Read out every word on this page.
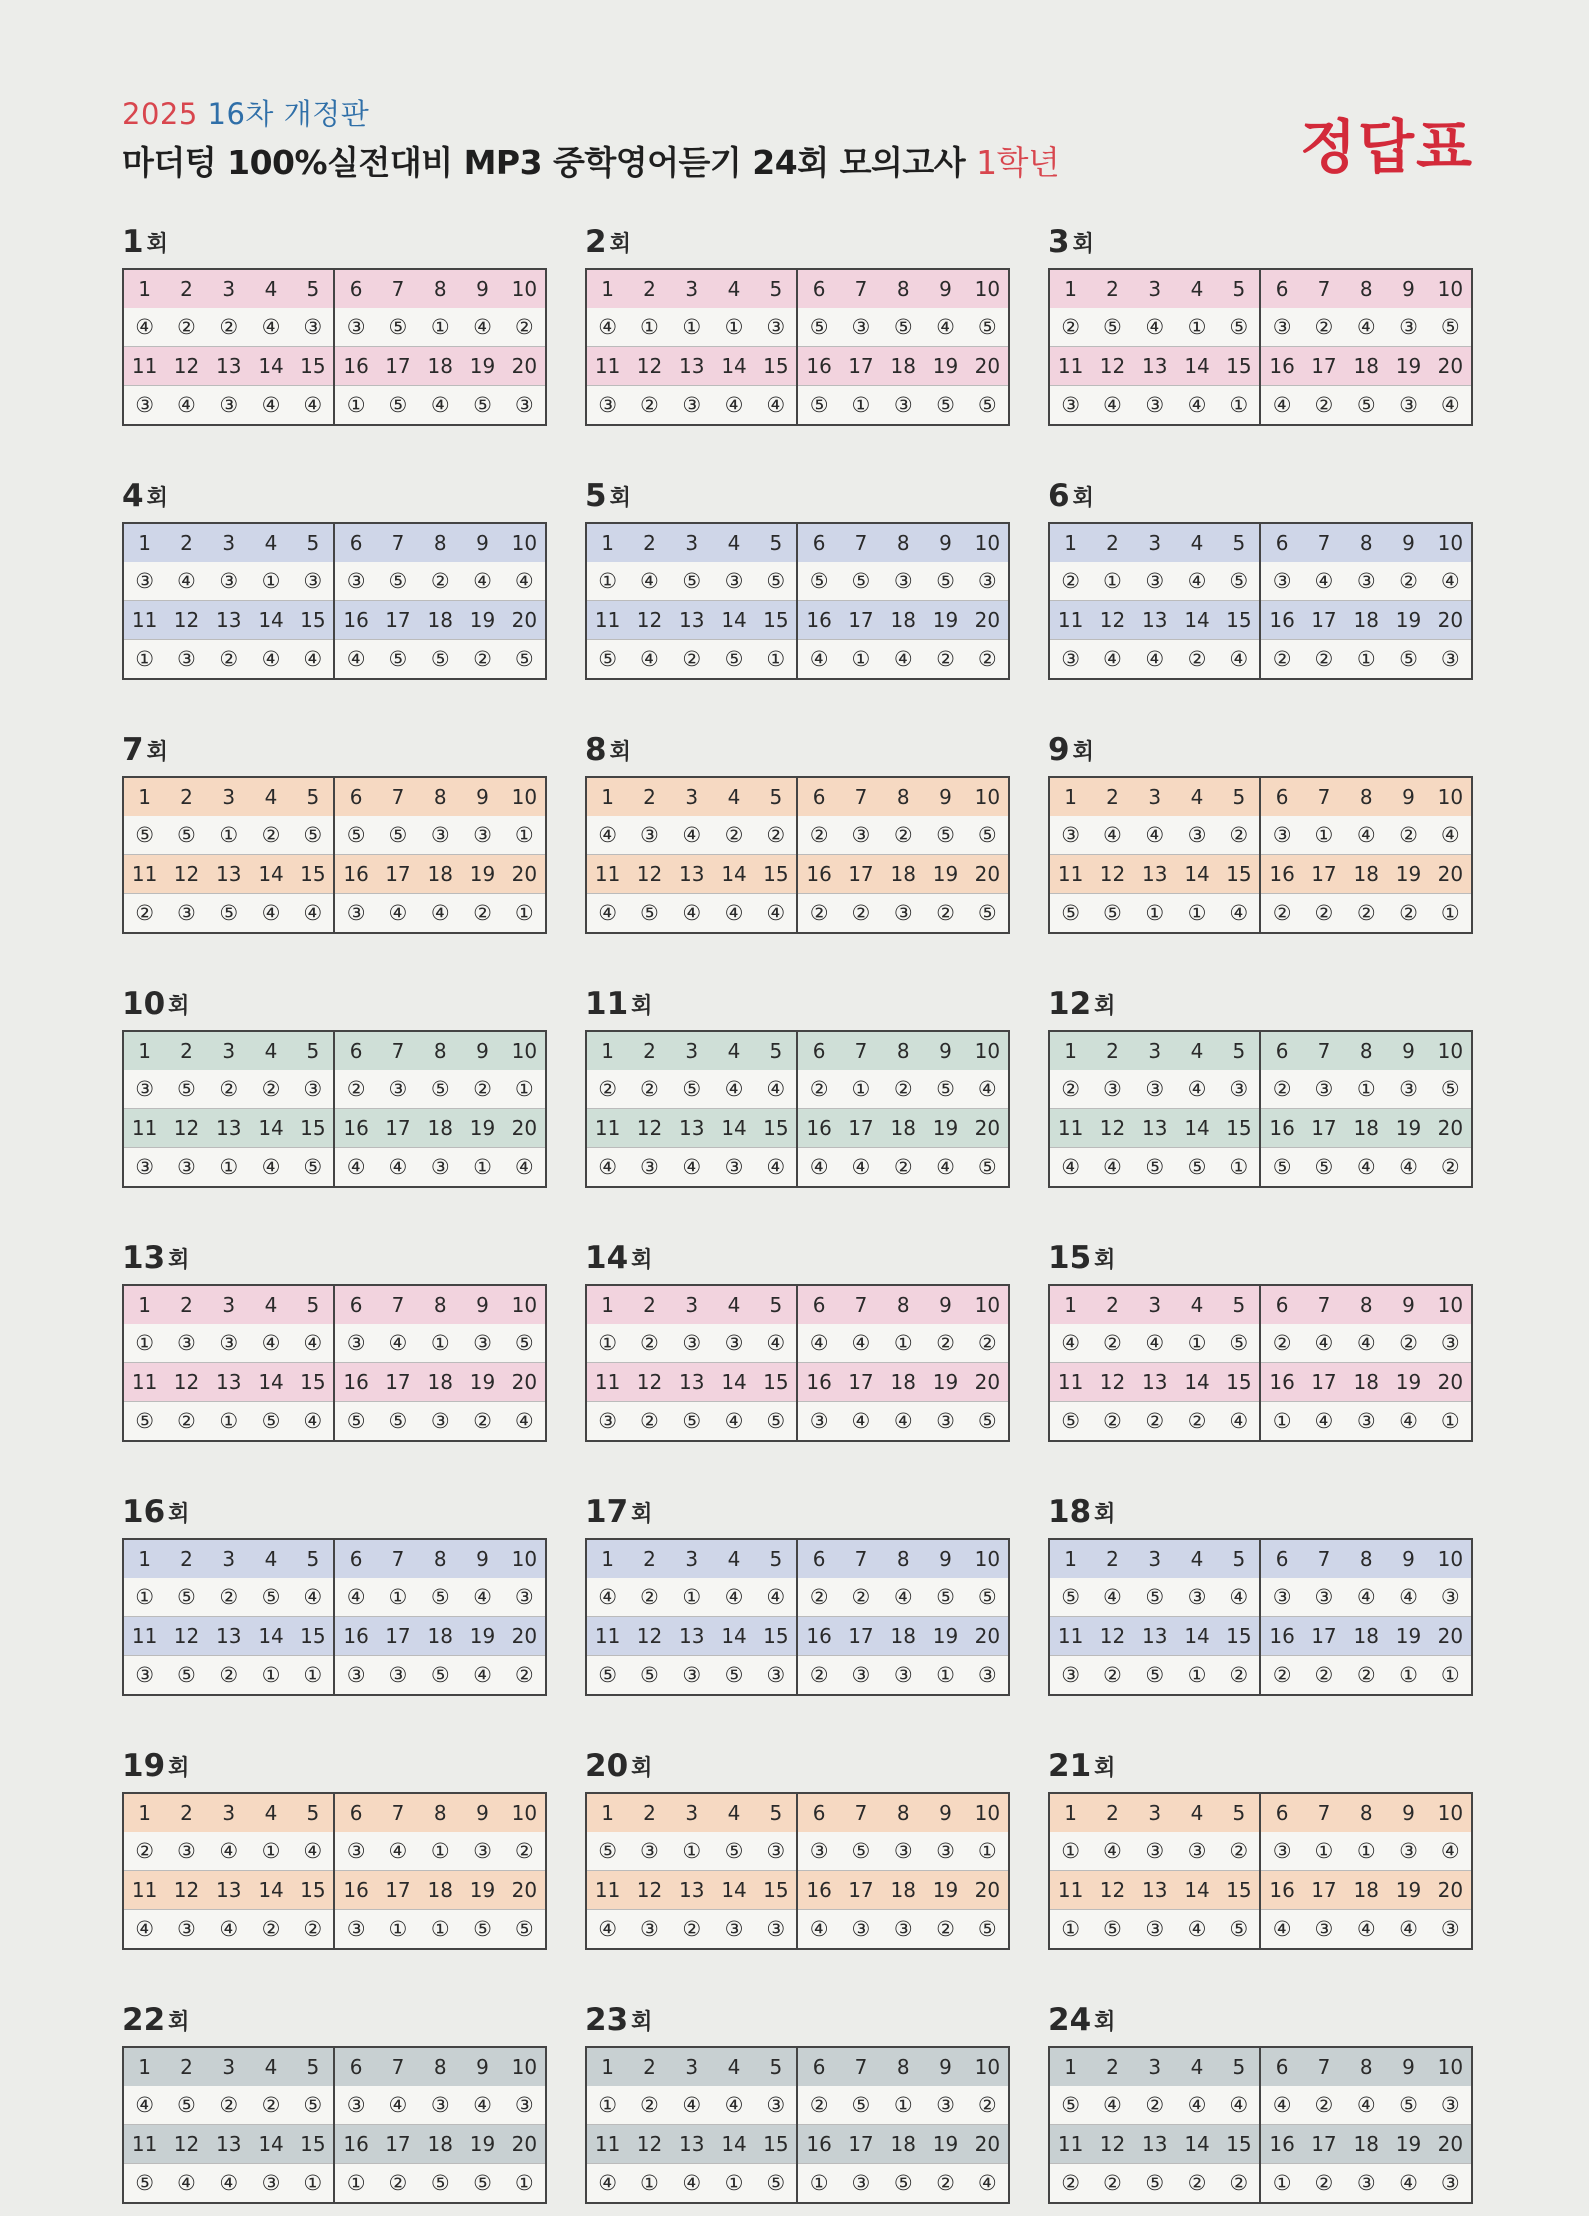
2025 16차 개정판
마더텅 100%실전대비 MP3 중학영어듣기 24회 모의고사 1학년	정답표
1 회
1	2	3	4	5	6	7	8	9	10
④	②	②	④	③	③	⑤	①	④	②
11	12	13	14	15	16	17	18	19	20
③	④	③	④	④	①	⑤	④	⑤	③
2 회
1	2	3	4	5	6	7	8	9	10
④	①	①	①	③	⑤	③	⑤	④	⑤
11	12	13	14	15	16	17	18	19	20
③	②	③	④	④	⑤	①	③	⑤	⑤
3 회
1	2	3	4	5	6	7	8	9	10
②	⑤	④	①	⑤	③	②	④	③	⑤
11	12	13	14	15	16	17	18	19	20
③	④	③	④	①	④	②	⑤	③	④
4 회
1	2	3	4	5	6	7	8	9	10
③	④	③	①	③	③	⑤	②	④	④
11	12	13	14	15	16	17	18	19	20
①	③	②	④	④	④	⑤	⑤	②	⑤
5 회
1	2	3	4	5	6	7	8	9	10
①	④	⑤	③	⑤	⑤	⑤	③	⑤	③
11	12	13	14	15	16	17	18	19	20
⑤	④	②	⑤	①	④	①	④	②	②
6 회
1	2	3	4	5	6	7	8	9	10
②	①	③	④	⑤	③	④	③	②	④
11	12	13	14	15	16	17	18	19	20
③	④	④	②	④	②	②	①	⑤	③
7 회
1	2	3	4	5	6	7	8	9	10
⑤	⑤	①	②	⑤	⑤	⑤	③	③	①
11	12	13	14	15	16	17	18	19	20
②	③	⑤	④	④	③	④	④	②	①
8 회
1	2	3	4	5	6	7	8	9	10
④	③	④	②	②	②	③	②	⑤	⑤
11	12	13	14	15	16	17	18	19	20
④	⑤	④	④	④	②	②	③	②	⑤
9 회
1	2	3	4	5	6	7	8	9	10
③	④	④	③	②	③	①	④	②	④
11	12	13	14	15	16	17	18	19	20
⑤	⑤	①	①	④	②	②	②	②	①
10 회
1	2	3	4	5	6	7	8	9	10
③	⑤	②	②	③	②	③	⑤	②	①
11	12	13	14	15	16	17	18	19	20
③	③	①	④	⑤	④	④	③	①	④
11 회
1	2	3	4	5	6	7	8	9	10
②	②	⑤	④	④	②	①	②	⑤	④
11	12	13	14	15	16	17	18	19	20
④	③	④	③	④	④	④	②	④	⑤
12 회
1	2	3	4	5	6	7	8	9	10
②	③	③	④	③	②	③	①	③	⑤
11	12	13	14	15	16	17	18	19	20
④	④	⑤	⑤	①	⑤	⑤	④	④	②
13 회
1	2	3	4	5	6	7	8	9	10
①	③	③	④	④	③	④	①	③	⑤
11	12	13	14	15	16	17	18	19	20
⑤	②	①	⑤	④	⑤	⑤	③	②	④
14 회
1	2	3	4	5	6	7	8	9	10
①	②	③	③	④	④	④	①	②	②
11	12	13	14	15	16	17	18	19	20
③	②	⑤	④	⑤	③	④	④	③	⑤
15 회
1	2	3	4	5	6	7	8	9	10
④	②	④	①	⑤	②	④	④	②	③
11	12	13	14	15	16	17	18	19	20
⑤	②	②	②	④	①	④	③	④	①
16 회
1	2	3	4	5	6	7	8	9	10
①	⑤	②	⑤	④	④	①	⑤	④	③
11	12	13	14	15	16	17	18	19	20
③	⑤	②	①	①	③	③	⑤	④	②
17 회
1	2	3	4	5	6	7	8	9	10
④	②	①	④	④	②	②	④	⑤	⑤
11	12	13	14	15	16	17	18	19	20
⑤	⑤	③	⑤	③	②	③	③	①	③
18 회
1	2	3	4	5	6	7	8	9	10
⑤	④	⑤	③	④	③	③	④	④	③
11	12	13	14	15	16	17	18	19	20
③	②	⑤	①	②	②	②	②	①	①
19 회
1	2	3	4	5	6	7	8	9	10
②	③	④	①	④	③	④	①	③	②
11	12	13	14	15	16	17	18	19	20
④	③	④	②	②	③	①	①	⑤	⑤
20 회
1	2	3	4	5	6	7	8	9	10
⑤	③	①	⑤	③	③	⑤	③	③	①
11	12	13	14	15	16	17	18	19	20
④	③	②	③	③	④	③	③	②	⑤
21 회
1	2	3	4	5	6	7	8	9	10
①	④	③	③	②	③	①	①	③	④
11	12	13	14	15	16	17	18	19	20
①	⑤	③	④	⑤	④	③	④	④	③
22 회
1	2	3	4	5	6	7	8	9	10
④	⑤	②	②	⑤	③	④	③	④	③
11	12	13	14	15	16	17	18	19	20
⑤	④	④	③	①	①	②	⑤	⑤	①
23 회
1	2	3	4	5	6	7	8	9	10
①	②	④	④	③	②	⑤	①	③	②
11	12	13	14	15	16	17	18	19	20
④	①	④	①	⑤	①	③	⑤	②	④
24 회
1	2	3	4	5	6	7	8	9	10
⑤	④	②	④	④	④	②	④	⑤	③
11	12	13	14	15	16	17	18	19	20
②	②	⑤	②	②	①	②	③	④	③
